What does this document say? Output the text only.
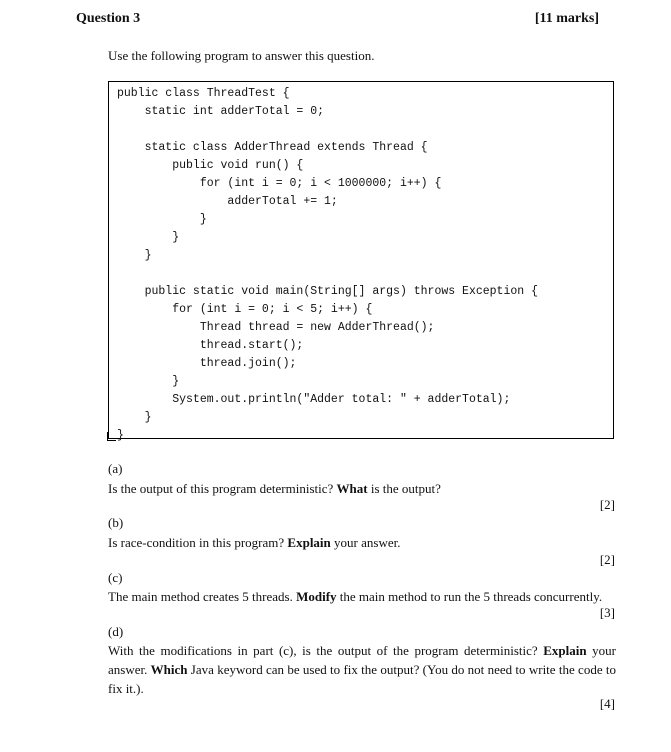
Question 3	[11 marks]
Use the following program to answer this question.
public class ThreadTest {
static int adderTotal = 0;

static class AdderThread extends Thread {
public void run() {
for (int i = 0; i < 1000000; i++) {
adderTotal += 1;
}
}
}

public static void main(String[] args) throws Exception {
for (int i = 0; i < 5; i++) {
Thread thread = new AdderThread();
thread.start();
thread.join();
}
System.out.println("Adder total: " + adderTotal);
}
}
(a)
Is the output of this program deterministic? What is the output?
[2]
(b)
Is race-condition in this program? Explain your answer.
[2]
(c)
The main method creates 5 threads. Modify the main method to run the 5 threads concurrently.
[3]
(d)
With the modifications in part (c), is the output of the program deterministic? Explain your answer. Which Java keyword can be used to fix the output? (You do not need to write the code to fix it.).
[4]
